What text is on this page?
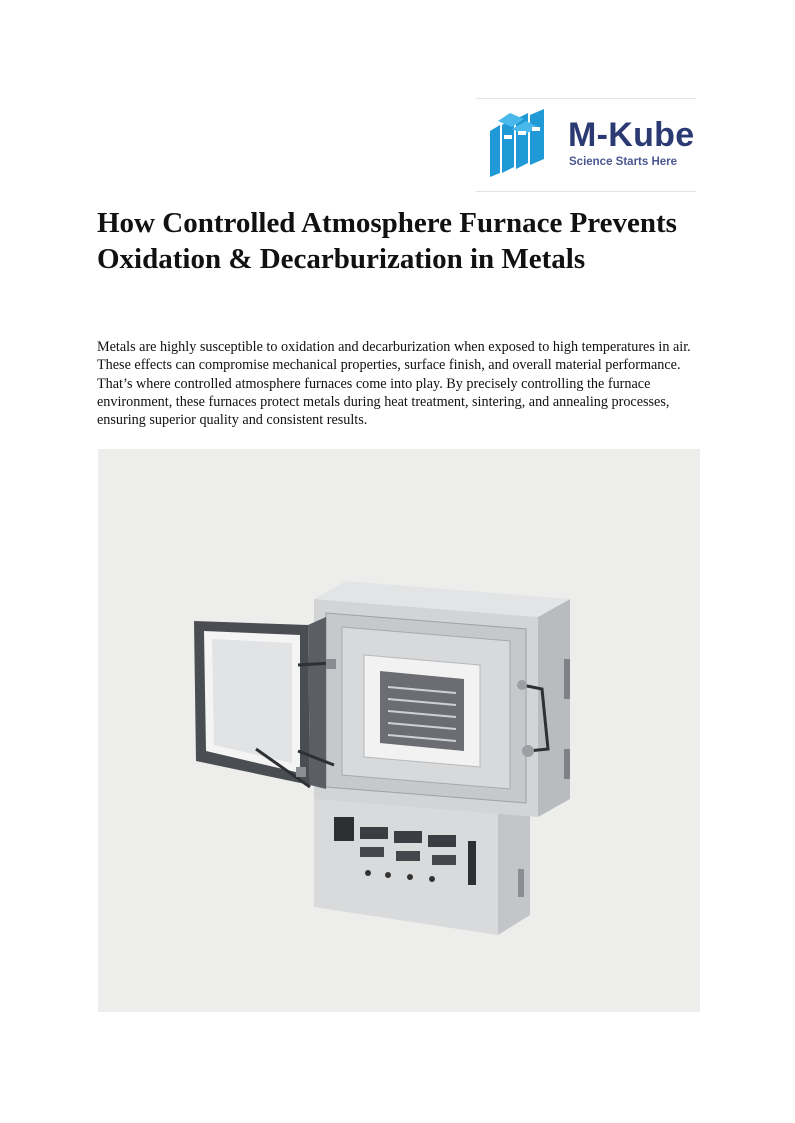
M-Kube
Science Starts Here
How Controlled Atmosphere Furnace Prevents Oxidation & Decarburization in Metals

Metals are highly susceptible to oxidation and decarburization when exposed to high temperatures in air. These effects can compromise mechanical properties, surface finish, and overall material performance. That’s where controlled atmosphere furnaces come into play. By precisely controlling the furnace environment, these furnaces protect metals during heat treatment, sintering, and annealing processes, ensuring superior quality and consistent results.
